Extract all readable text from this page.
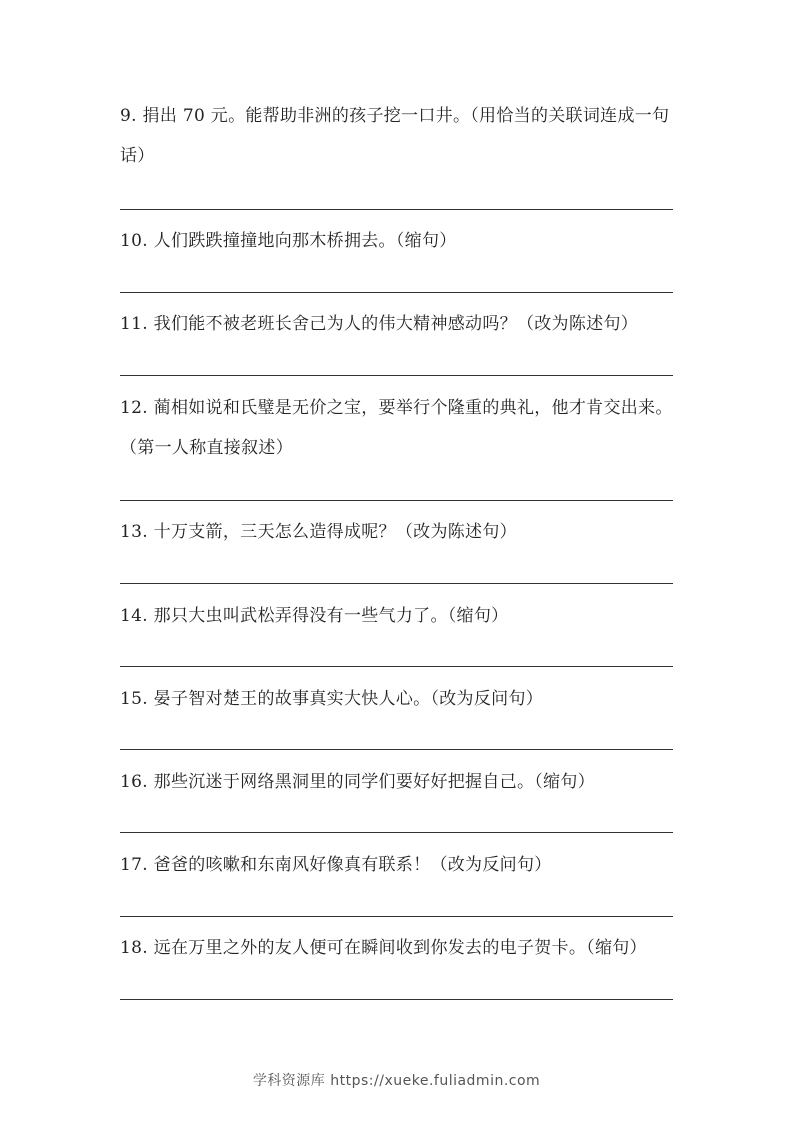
9. 捐出 70 元。能帮助非洲的孩子挖一口井。（用恰当的关联词连成一句话）
10. 人们跌跌撞撞地向那木桥拥去。（缩句）
11. 我们能不被老班长舍己为人的伟大精神感动吗？（改为陈述句）
12. 蔺相如说和氏璧是无价之宝，要举行个隆重的典礼，他才肯交出来。（第一人称直接叙述）
13. 十万支箭，三天怎么造得成呢？（改为陈述句）
14. 那只大虫叫武松弄得没有一些气力了。（缩句）
15. 晏子智对楚王的故事真实大快人心。（改为反问句）
16. 那些沉迷于网络黑洞里的同学们要好好把握自己。（缩句）
17. 爸爸的咳嗽和东南风好像真有联系！（改为反问句）
18. 远在万里之外的友人便可在瞬间收到你发去的电子贺卡。（缩句）
学科资源库 https://xueke.fuliadmin.com
